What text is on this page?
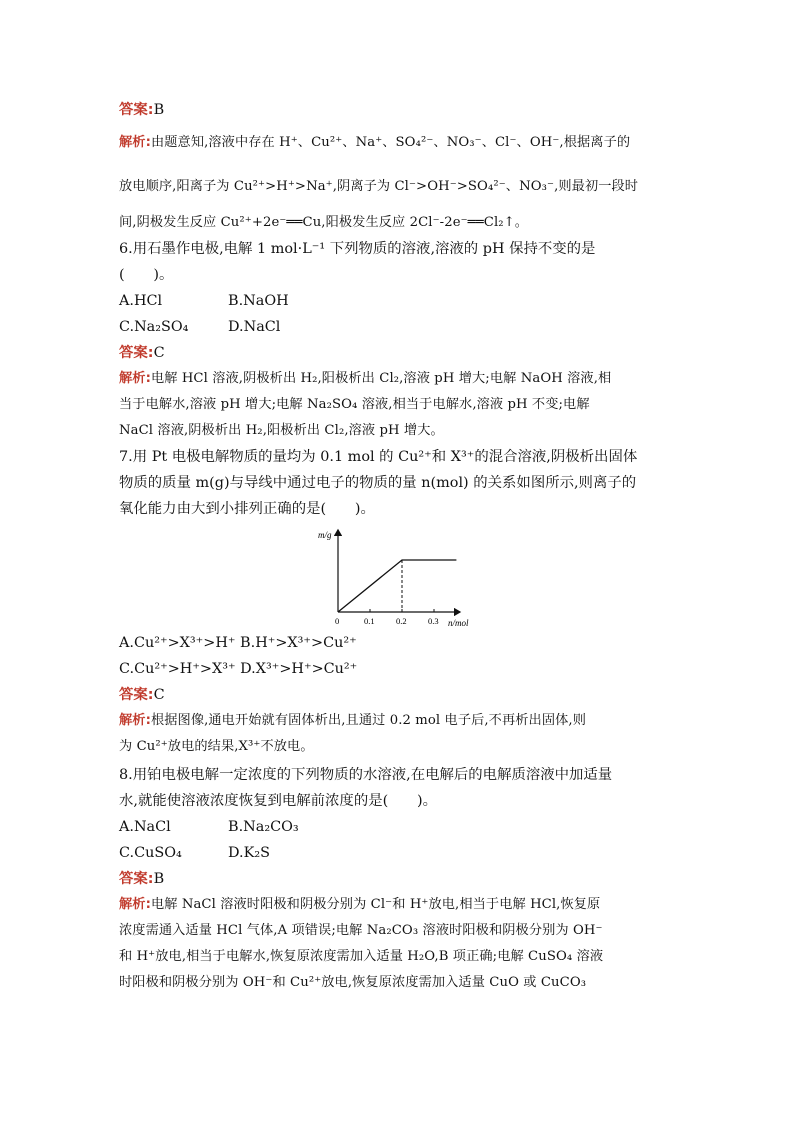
答案:B
解析:由题意知,溶液中存在 H⁺、Cu²⁺、Na⁺、SO₄²⁻、NO₃⁻、Cl⁻、OH⁻,根据离子的
放电顺序,阳离子为 Cu²⁺>H⁺>Na⁺,阴离子为 Cl⁻>OH⁻>SO₄²⁻、NO₃⁻,则最初一段时
间,阴极发生反应 Cu²⁺+2e⁻══Cu,阳极发生反应 2Cl⁻-2e⁻══Cl₂↑。
6.用石墨作电极,电解 1 mol·L⁻¹ 下列物质的溶液,溶液的 pH 保持不变的是
(　　)。
A.HCl	B.NaOH
C.Na₂SO₄	D.NaCl
答案:C
解析:电解 HCl 溶液,阴极析出 H₂,阳极析出 Cl₂,溶液 pH 增大;电解 NaOH 溶液,相
当于电解水,溶液 pH 增大;电解 Na₂SO₄ 溶液,相当于电解水,溶液 pH 不变;电解
NaCl 溶液,阴极析出 H₂,阳极析出 Cl₂,溶液 pH 增大。
7.用 Pt 电极电解物质的量均为 0.1 mol 的 Cu²⁺和 X³⁺的混合溶液,阴极析出固体
物质的质量 m(g)与导线中通过电子的物质的量 n(mol) 的关系如图所示,则离子的
氧化能力由大到小排列正确的是(　　)。
m/g
n/mol
0	0.1	0.2	0.3
A.Cu²⁺>X³⁺>H⁺ B.H⁺>X³⁺>Cu²⁺
C.Cu²⁺>H⁺>X³⁺ D.X³⁺>H⁺>Cu²⁺
答案:C
解析:根据图像,通电开始就有固体析出,且通过 0.2 mol 电子后,不再析出固体,则
为 Cu²⁺放电的结果,X³⁺不放电。
8.用铂电极电解一定浓度的下列物质的水溶液,在电解后的电解质溶液中加适量
水,就能使溶液浓度恢复到电解前浓度的是(　　)。
A.NaCl	B.Na₂CO₃
C.CuSO₄	D.K₂S
答案:B
解析:电解 NaCl 溶液时阳极和阴极分别为 Cl⁻和 H⁺放电,相当于电解 HCl,恢复原
浓度需通入适量 HCl 气体,A 项错误;电解 Na₂CO₃ 溶液时阳极和阴极分别为 OH⁻
和 H⁺放电,相当于电解水,恢复原浓度需加入适量 H₂O,B 项正确;电解 CuSO₄ 溶液
时阳极和阴极分别为 OH⁻和 Cu²⁺放电,恢复原浓度需加入适量 CuO 或 CuCO₃
